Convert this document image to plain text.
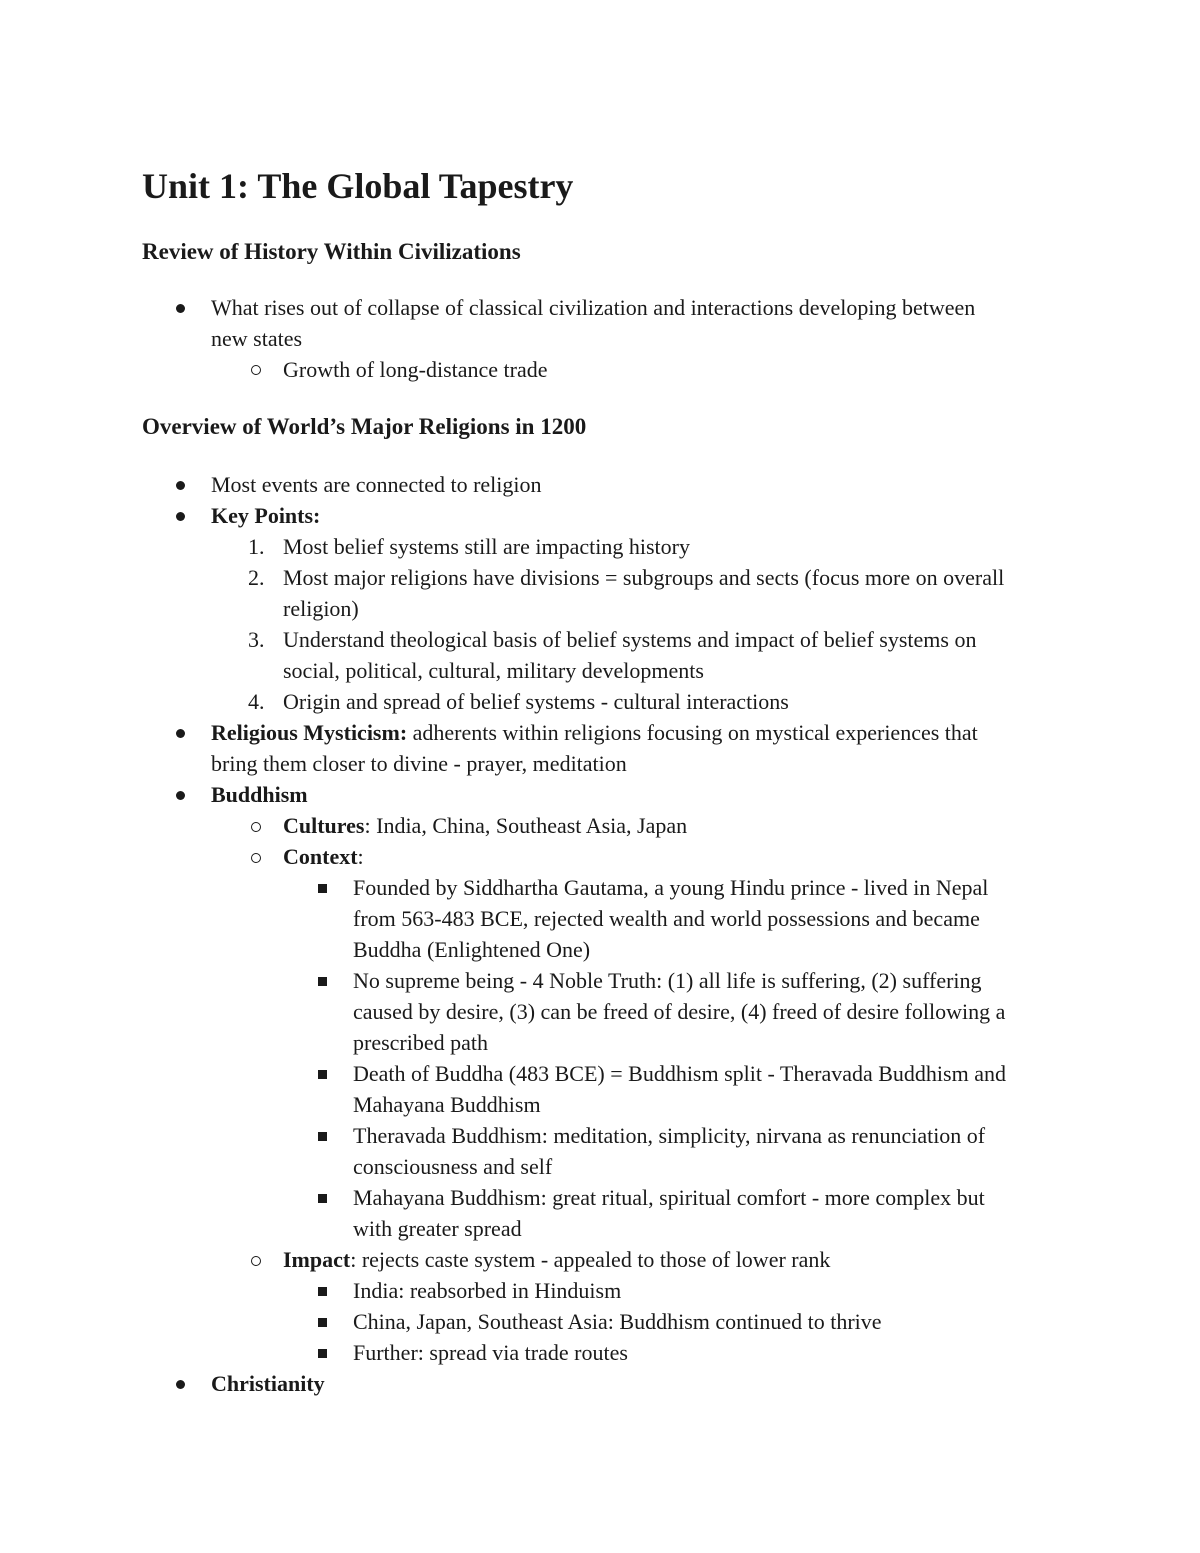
Unit 1: The Global Tapestry
Review of History Within Civilizations

What rises out of collapse of classical civilization and interactions developing between

new states

Growth of long-distance trade

Overview of World’s Major Religions in 1200

Most events are connected to religion

Key Points:

1. Most belief systems still are impacting history

2. Most major religions have divisions = subgroups and sects (focus more on overall

religion)

3. Understand theological basis of belief systems and impact of belief systems on

social, political, cultural, military developments

4. Origin and spread of belief systems - cultural interactions

Religious Mysticism: adherents within religions focusing on mystical experiences that

bring them closer to divine - prayer, meditation

Buddhism

Cultures: India, China, Southeast Asia, Japan

Context:

Founded by Siddhartha Gautama, a young Hindu prince - lived in Nepal

from 563-483 BCE, rejected wealth and world possessions and became

Buddha (Enlightened One)

No supreme being - 4 Noble Truth: (1) all life is suffering, (2) suffering

caused by desire, (3) can be freed of desire, (4) freed of desire following a

prescribed path

Death of Buddha (483 BCE) = Buddhism split - Theravada Buddhism and

Mahayana Buddhism

Theravada Buddhism: meditation, simplicity, nirvana as renunciation of

consciousness and self

Mahayana Buddhism: great ritual, spiritual comfort - more complex but

with greater spread

Impact: rejects caste system - appealed to those of lower rank

India: reabsorbed in Hinduism

China, Japan, Southeast Asia: Buddhism continued to thrive

Further: spread via trade routes

Christianity
